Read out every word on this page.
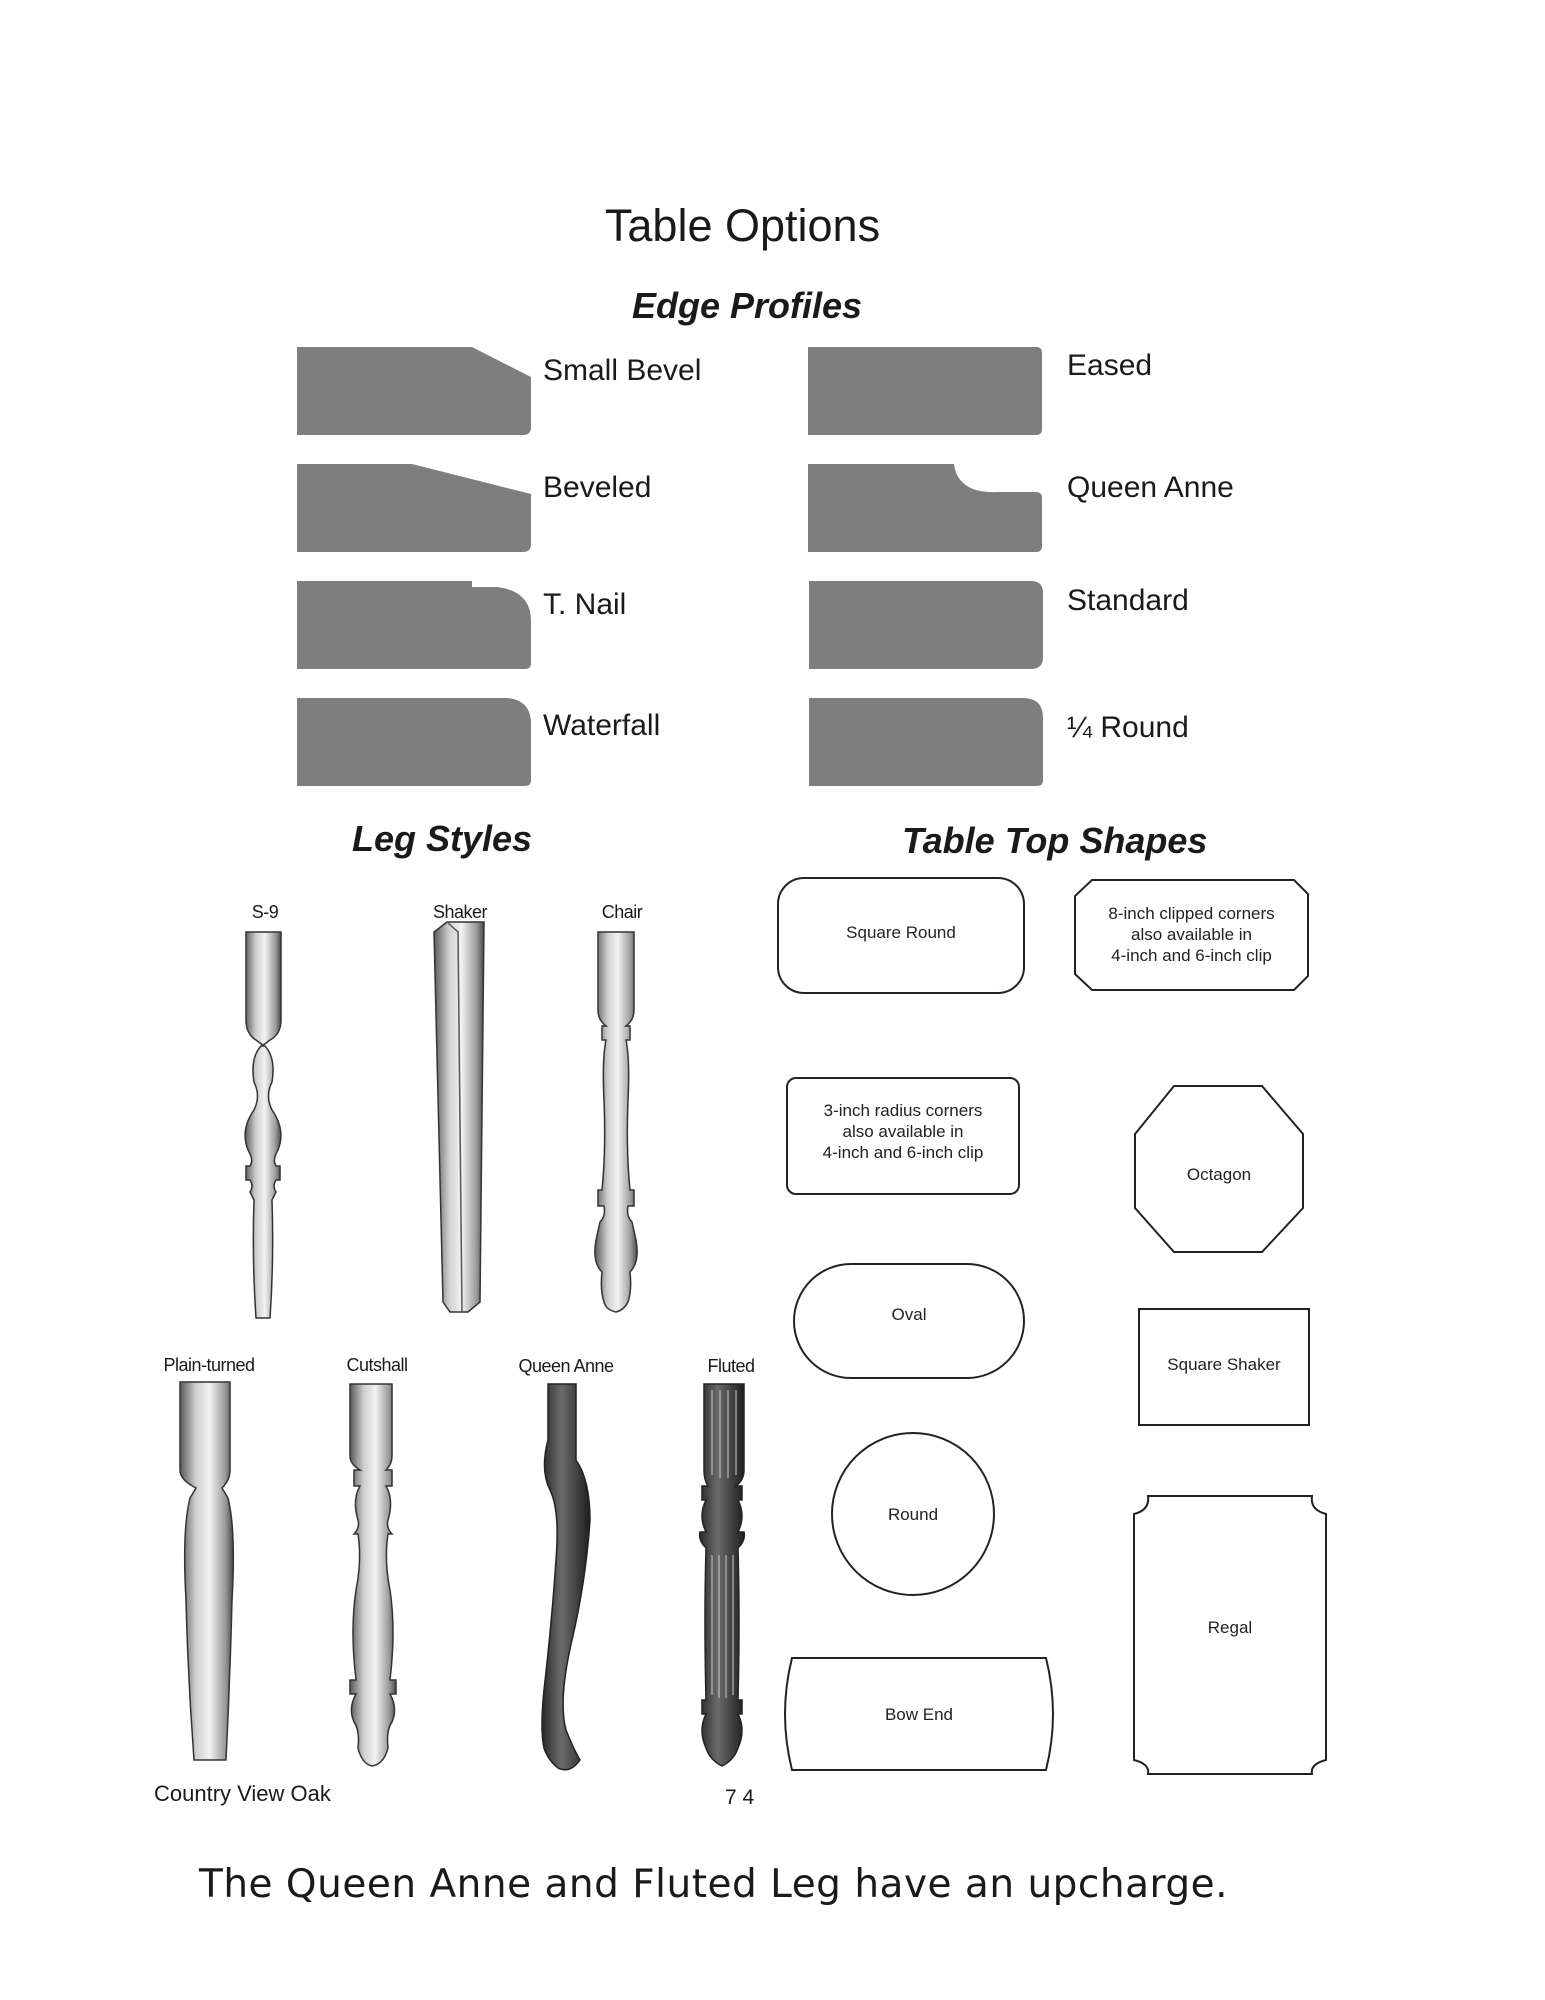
Table Options
Edge Profiles
Small Bevel	Eased
Beveled	Queen Anne
T. Nail	Standard
Waterfall	¼ Round
Leg Styles	Table Top Shapes
S-9	Shaker	Chair
Plain-turned	Cutshall	Queen Anne	Fluted
Square Round
8-inch clipped corners
also available in
4-inch and 6-inch clip
3-inch radius corners
also available in
4-inch and 6-inch clip
Octagon
Oval
Square Shaker
Round
Regal
Bow End
Country View Oak	7 4
The Queen Anne and Fluted Leg have an upcharge.
